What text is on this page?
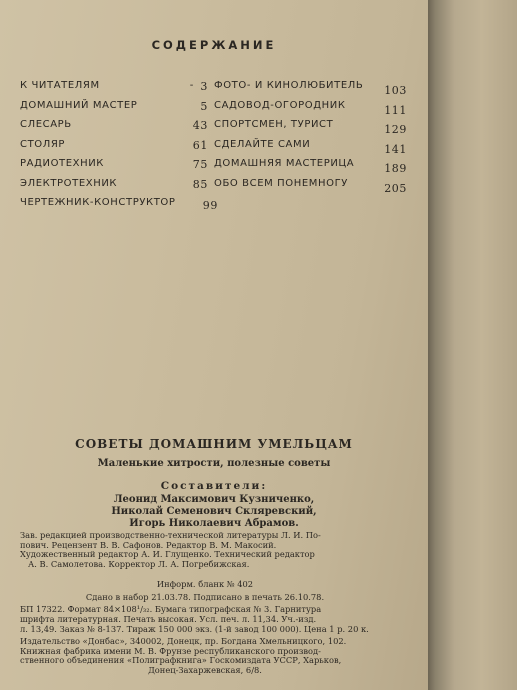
СОДЕРЖАНИЕ
К ЧИТАТЕЛЯМ	- 3
ДОМАШНИЙ МАСТЕР	5
СЛЕСАРЬ	43
СТОЛЯР	61
РАДИОТЕХНИК	75
ЭЛЕКТРОТЕХНИК	85
ЧЕРТЕЖНИК-КОНСТРУКТОР 99
ФОТО- И КИНОЛЮБИТЕЛЬ 103
САДОВОД-ОГОРОДНИК	111
СПОРТСМЕН, ТУРИСТ	129
СДЕЛАЙТЕ САМИ	141
ДОМАШНЯЯ МАСТЕРИЦА	189
ОБО ВСЕМ ПОНЕМНОГУ	205
СОВЕТЫ ДОМАШНИМ УМЕЛЬЦАМ
Маленькие хитрости, полезные советы
Составители:
Леонид Максимович Кузниченко,
Николай Семенович Скляревский,
Игорь Николаевич Абрамов.
Зав. редакцией производственно-технической литературы Л. И. По-
пович. Рецензент В. В. Сафонов. Редактор В. М. Макосий.
Художественный редактор А. И. Глущенко. Технический редактор
А. В. Самолетова. Корректор Л. А. Погребижская.
Информ. бланк № 402
Сдано в набор 21.03.78. Подписано в печать 26.10.78.
БП 17322. Формат 84×108¹/₃₂. Бумага типографская № 3. Гарнитура
шрифта литературная. Печать высокая. Усл. печ. л. 11,34. Уч.-изд.
л. 13,49. Заказ № 8-137. Тираж 150 000 экз. (1-й завод 100 000). Цена 1 р. 20 к.
Издательство «Донбас», 340002, Донецк, пр. Богдана Хмельницкого, 102.
Книжная фабрика имени М. В. Фрунзе республиканского производ-
ственного объединения «Полиграфкнига» Госкомиздата УССР, Харьков,
Донец-Захаржевская, 6/8.
